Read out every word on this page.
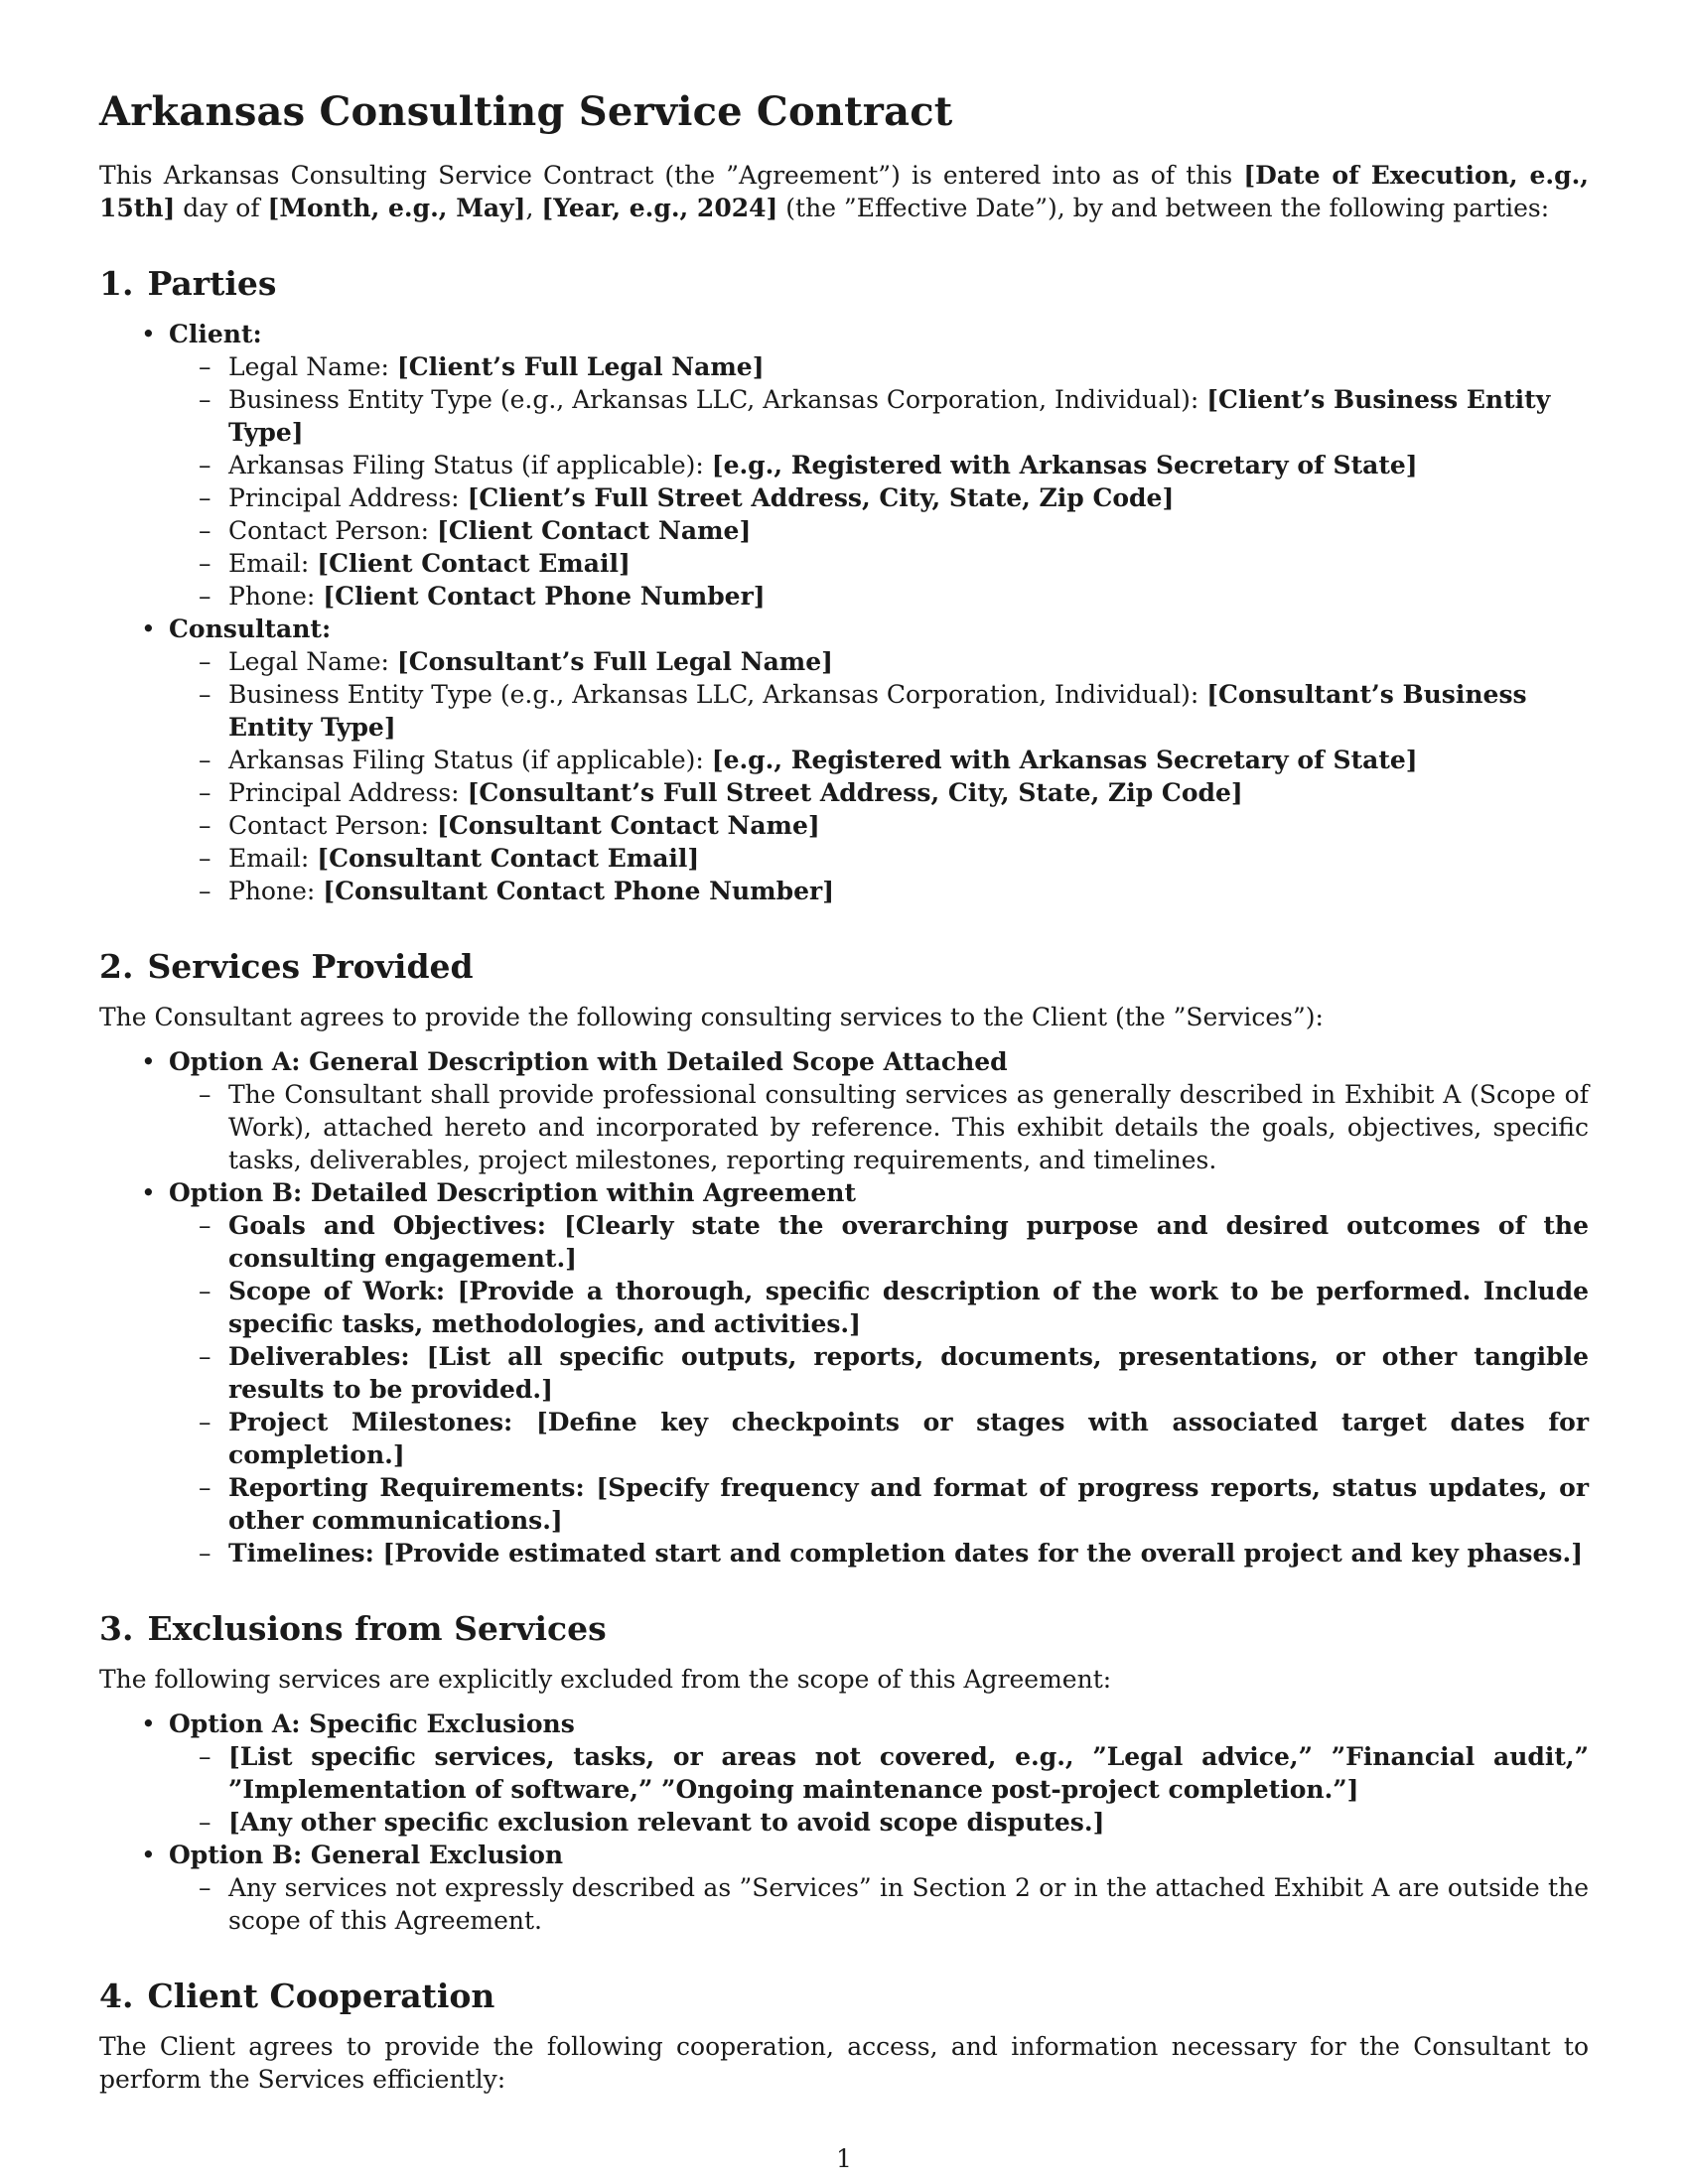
Arkansas Consulting Service Contract

This Arkansas Consulting Service Contract (the ”Agreement”) is entered into as of this [Date of Execution, e.g., 15th] day of [Month, e.g., May], [Year, e.g., 2024] (the ”Effective Date”), by and between the following parties:

1. Parties
• Client:
– Legal Name: [Client’s Full Legal Name]
– Business Entity Type (e.g., Arkansas LLC, Arkansas Corporation, Individual): [Client’s Business Entity Type]
– Arkansas Filing Status (if applicable): [e.g., Registered with Arkansas Secretary of State]
– Principal Address: [Client’s Full Street Address, City, State, Zip Code]
– Contact Person: [Client Contact Name]
– Email: [Client Contact Email]
– Phone: [Client Contact Phone Number]
• Consultant:
– Legal Name: [Consultant’s Full Legal Name]
– Business Entity Type (e.g., Arkansas LLC, Arkansas Corporation, Individual): [Consultant’s Business Entity Type]
– Arkansas Filing Status (if applicable): [e.g., Registered with Arkansas Secretary of State]
– Principal Address: [Consultant’s Full Street Address, City, State, Zip Code]
– Contact Person: [Consultant Contact Name]
– Email: [Consultant Contact Email]
– Phone: [Consultant Contact Phone Number]
2. Services Provided

The Consultant agrees to provide the following consulting services to the Client (the ”Services”):

• Option A: General Description with Detailed Scope Attached
– The Consultant shall provide professional consulting services as generally described in Exhibit A (Scope of Work), attached hereto and incorporated by reference. This exhibit details the goals, objectives, specific tasks, deliverables, project milestones, reporting requirements, and timelines.
• Option B: Detailed Description within Agreement
– Goals and Objectives: [Clearly state the overarching purpose and desired outcomes of the consulting engagement.]
– Scope of Work: [Provide a thorough, specific description of the work to be performed. Include specific tasks, methodologies, and activities.]
– Deliverables: [List all specific outputs, reports, documents, presentations, or other tangible results to be provided.]
– Project Milestones: [Define key checkpoints or stages with associated target dates for completion.]
– Reporting Requirements: [Specify frequency and format of progress reports, status updates, or other communications.]
– Timelines: [Provide estimated start and completion dates for the overall project and key phases.]
3. Exclusions from Services

The following services are explicitly excluded from the scope of this Agreement:

• Option A: Specific Exclusions
– [List specific services, tasks, or areas not covered, e.g., ”Legal advice,” ”Financial audit,” ”Implementation of software,” ”Ongoing maintenance post-project completion.”]
– [Any other specific exclusion relevant to avoid scope disputes.]
• Option B: General Exclusion
– Any services not expressly described as ”Services” in Section 2 or in the attached Exhibit A are outside the scope of this Agreement.
4. Client Cooperation

The Client agrees to provide the following cooperation, access, and information necessary for the Consultant to perform the Services efficiently:

1
